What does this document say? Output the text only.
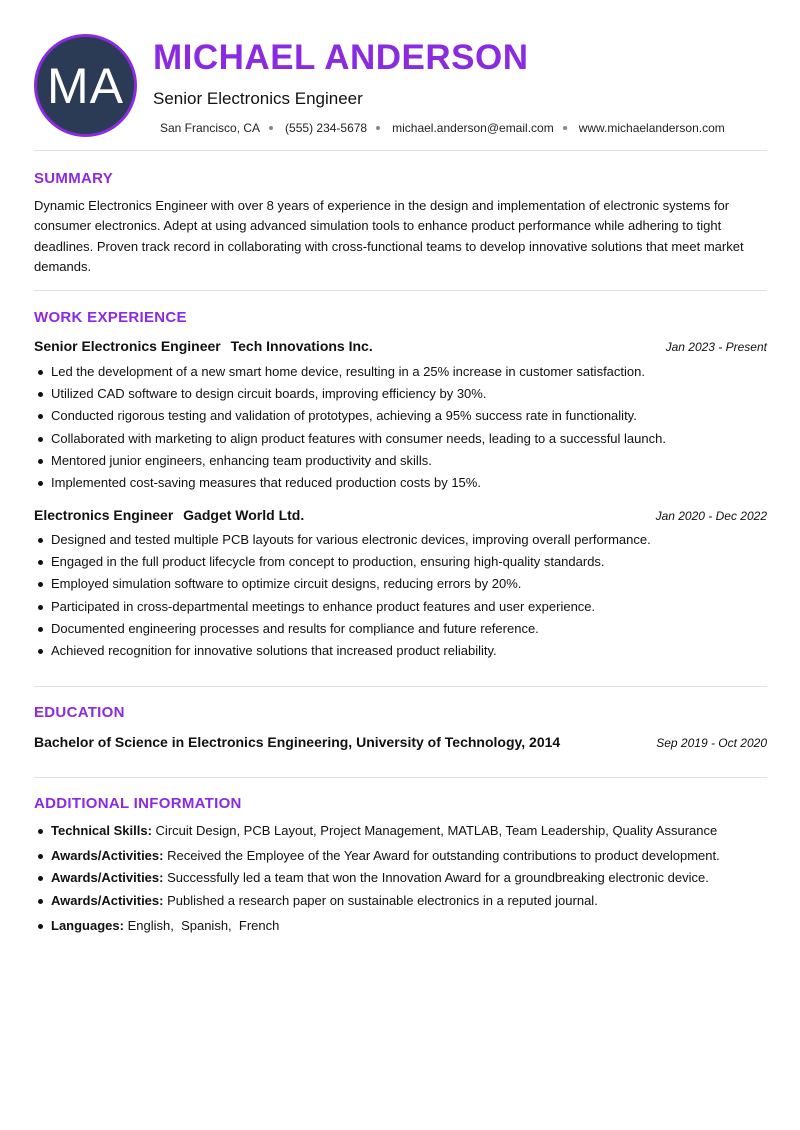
MA MICHAEL ANDERSON
Senior Electronics Engineer
San Francisco, CA (555) 234-5678 michael.anderson@email.com www.michaelanderson.com
SUMMARY
Dynamic Electronics Engineer with over 8 years of experience in the design and implementation of electronic systems for consumer electronics. Adept at using advanced simulation tools to enhance product performance while adhering to tight deadlines. Proven track record in collaborating with cross-functional teams to develop innovative solutions that meet market demands.
WORK EXPERIENCE
Senior Electronics Engineer Tech Innovations Inc.	Jan 2023 - Present
Led the development of a new smart home device, resulting in a 25% increase in customer satisfaction.
Utilized CAD software to design circuit boards, improving efficiency by 30%.
Conducted rigorous testing and validation of prototypes, achieving a 95% success rate in functionality.
Collaborated with marketing to align product features with consumer needs, leading to a successful launch.
Mentored junior engineers, enhancing team productivity and skills.
Implemented cost-saving measures that reduced production costs by 15%.
Electronics Engineer Gadget World Ltd.	Jan 2020 - Dec 2022
Designed and tested multiple PCB layouts for various electronic devices, improving overall performance.
Engaged in the full product lifecycle from concept to production, ensuring high-quality standards.
Employed simulation software to optimize circuit designs, reducing errors by 20%.
Participated in cross-departmental meetings to enhance product features and user experience.
Documented engineering processes and results for compliance and future reference.
Achieved recognition for innovative solutions that increased product reliability.
EDUCATION
Bachelor of Science in Electronics Engineering, University of Technology, 2014	Sep 2019 - Oct 2020
ADDITIONAL INFORMATION
Technical Skills: Circuit Design, PCB Layout, Project Management, MATLAB, Team Leadership, Quality Assurance
Awards/Activities: Received the Employee of the Year Award for outstanding contributions to product development.
Awards/Activities: Successfully led a team that won the Innovation Award for a groundbreaking electronic device.
Awards/Activities: Published a research paper on sustainable electronics in a reputed journal.
Languages: English,  Spanish,  French
